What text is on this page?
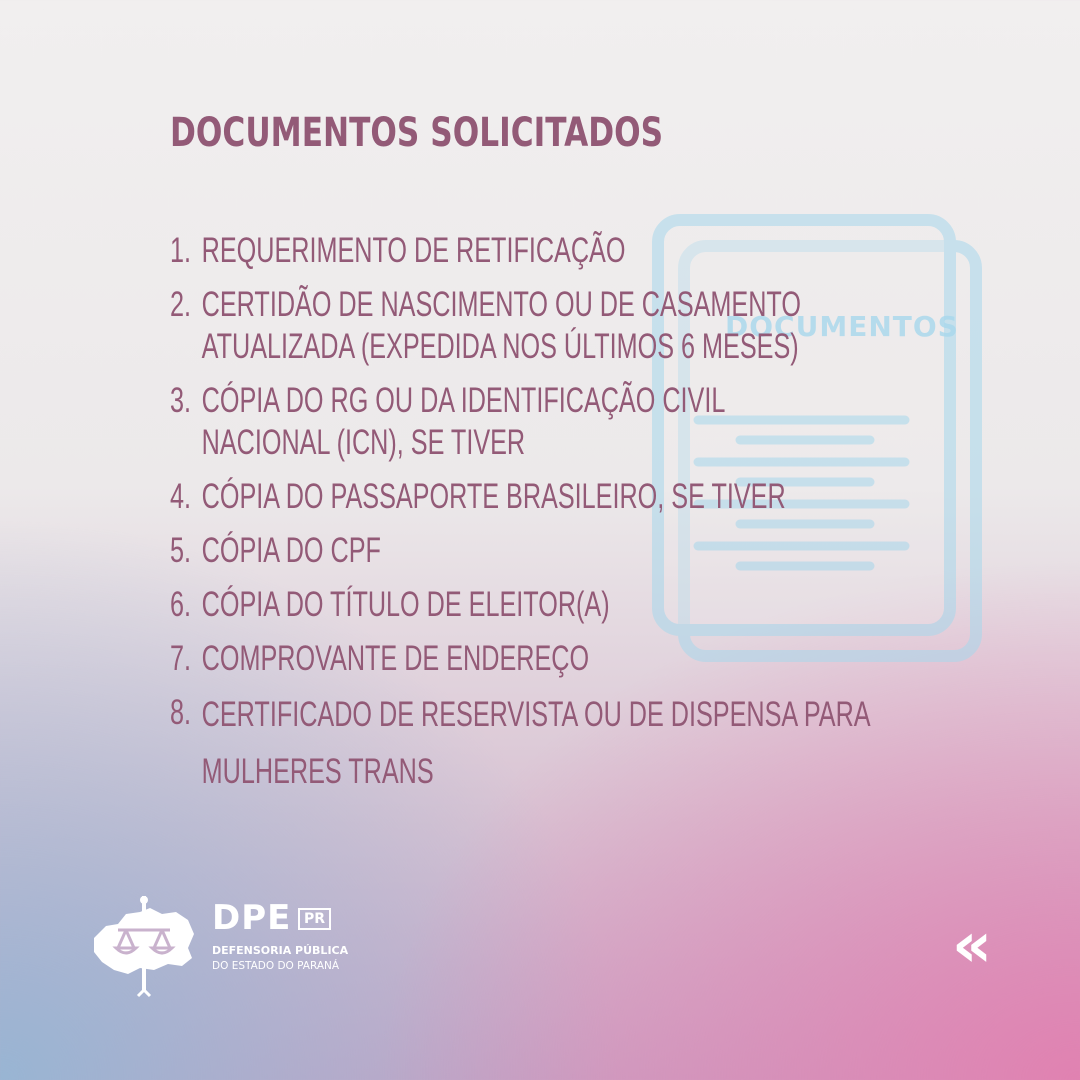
DOCUMENTOS
DOCUMENTOS SOLICITADOS
1. REQUERIMENTO DE RETIFICAÇÃO
2. CERTIDÃO DE NASCIMENTO OU DE CASAMENTO
ATUALIZADA (EXPEDIDA NOS ÚLTIMOS 6 MESES)
3. CÓPIA DO RG OU DA IDENTIFICAÇÃO CIVIL
NACIONAL (ICN), SE TIVER
4. CÓPIA DO PASSAPORTE BRASILEIRO, SE TIVER
5. CÓPIA DO CPF
6. CÓPIA DO TÍTULO DE ELEITOR(A)
7. COMPROVANTE DE ENDEREÇO
8. CERTIFICADO DE RESERVISTA OU DE DISPENSA PARA
MULHERES TRANS
DPE PR
DEFENSORIA PÚBLICA
DO ESTADO DO PARANÁ	«
